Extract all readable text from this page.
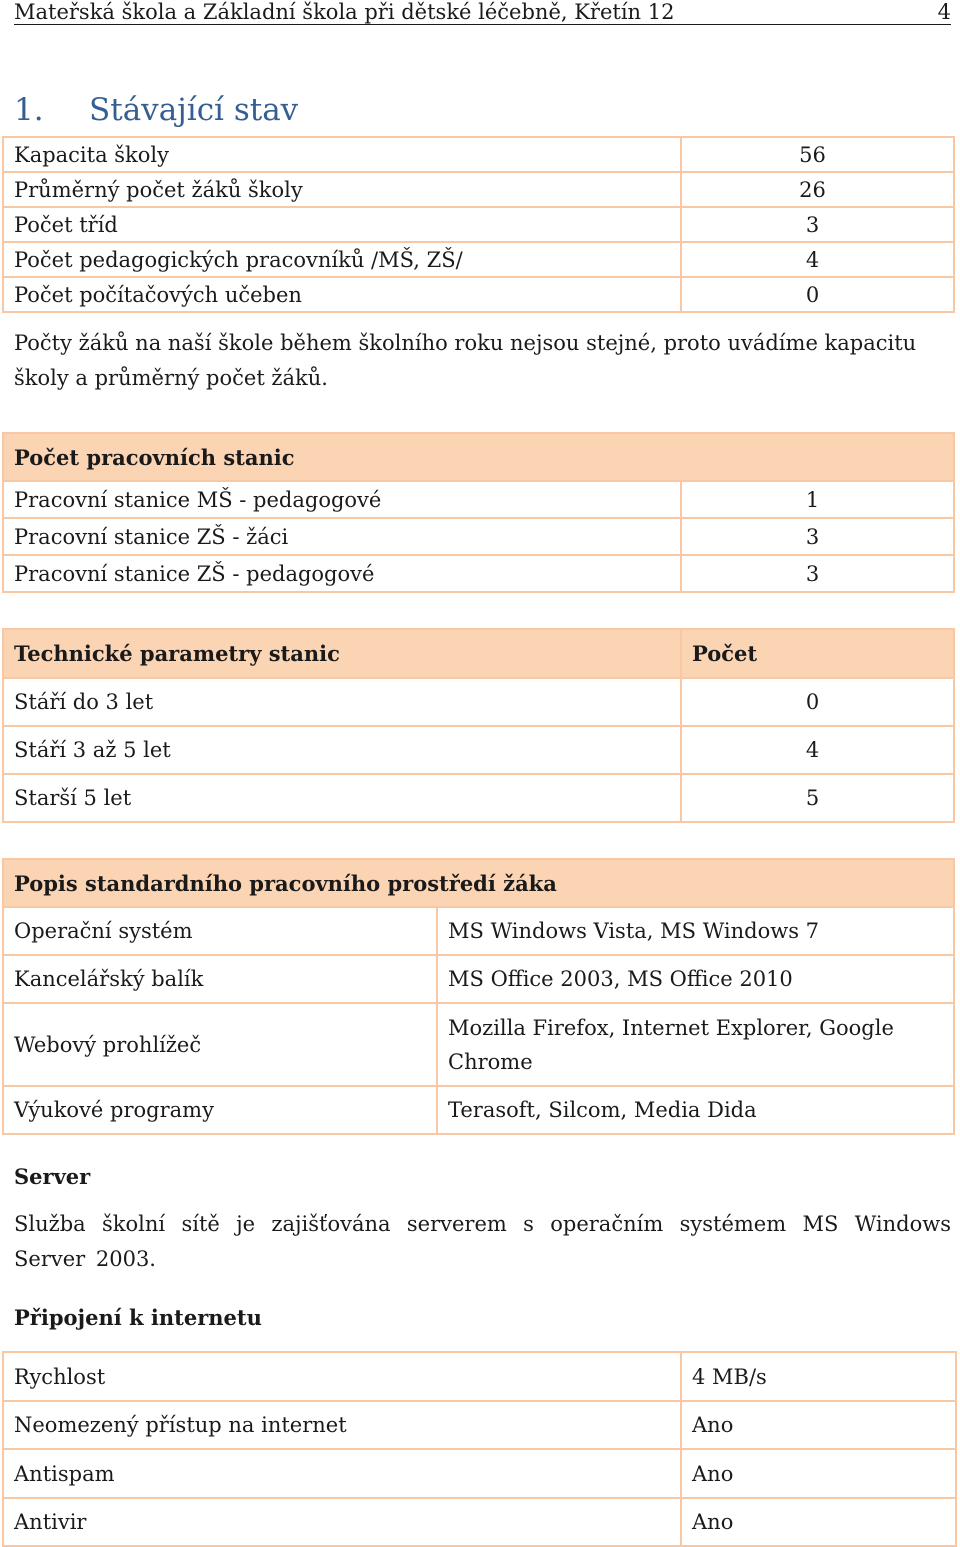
Mateřská škola a Základní škola při dětské léčebně, Křetín 12	4
1. Stávající stav
Kapacita školy	56
Průměrný počet žáků školy	26
Počet tříd	3
Počet pedagogických pracovníků /MŠ, ZŠ/	4
Počet počítačových učeben	0
Počty žáků na naší škole během školního roku nejsou stejné, proto uvádíme kapacitu školy a průměrný počet žáků.
Počet pracovních stanic	
Pracovní stanice MŠ - pedagogové	1
Pracovní stanice ZŠ - žáci	3
Pracovní stanice ZŠ - pedagogové	3
Technické parametry stanic	Počet
Stáří do 3 let	0
Stáří 3 až 5 let	4
Starší 5 let	5
Popis standardního pracovního prostředí žáka	
Operační systém	MS Windows Vista, MS Windows 7
Kancelářský balík	MS Office 2003, MS Office 2010
Webový prohlížeč	Mozilla Firefox, Internet Explorer, Google Chrome
Výukové programy	Terasoft, Silcom, Media Dida
Server
Služba školní sítě je zajišťována serverem s operačním systémem MS Windows Server 2003.
Připojení k internetu
Rychlost	4 MB/s
Neomezený přístup na internet	Ano
Antispam	Ano
Antivir	Ano
